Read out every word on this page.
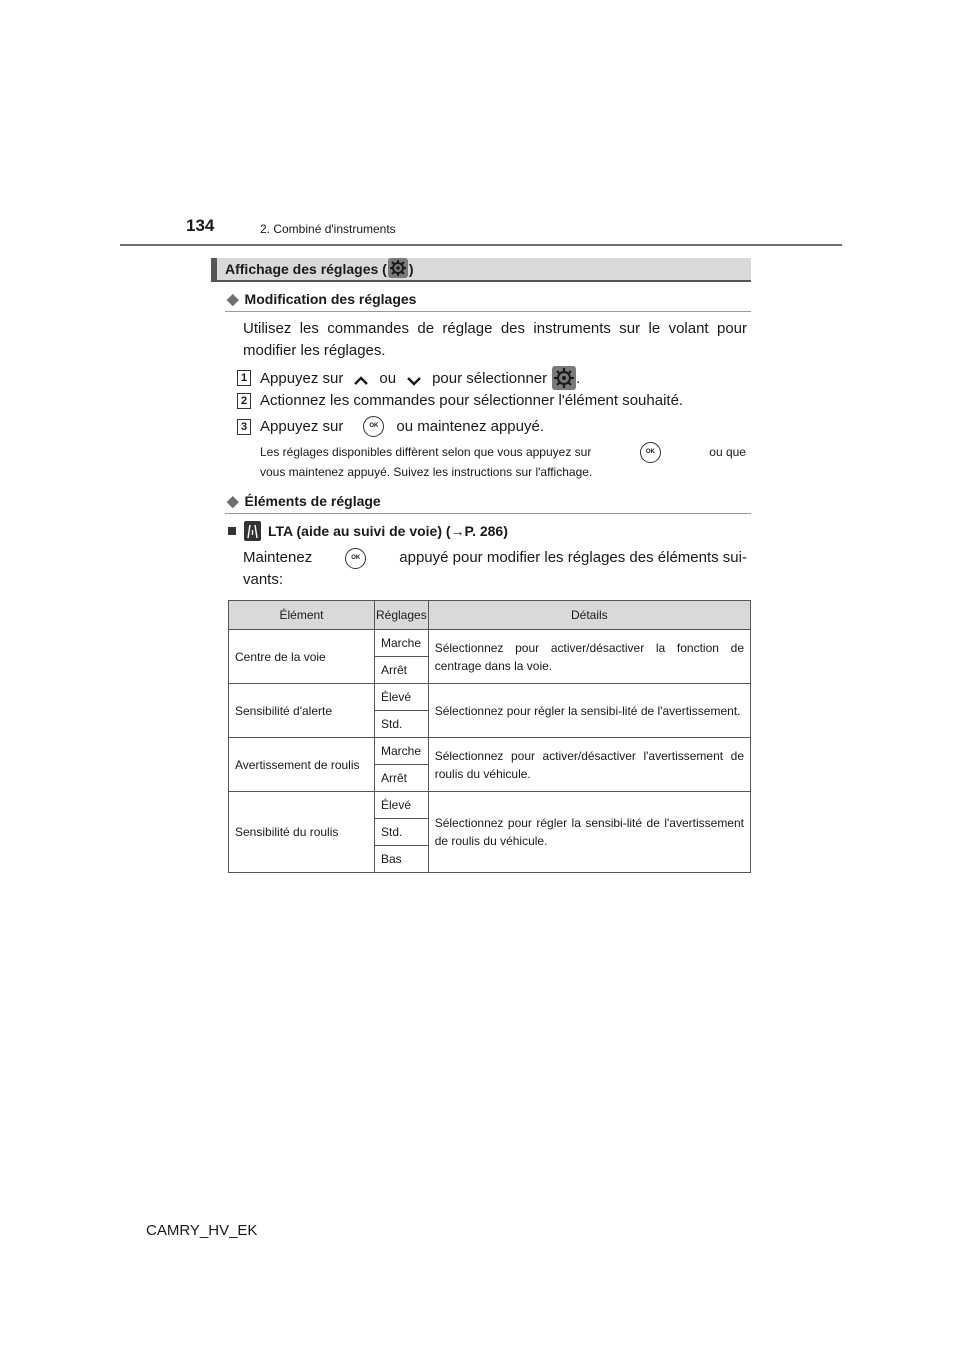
134	2. Combiné d'instruments
Affichage des réglages ( )
◆ Modification des réglages
Utilisez les commandes de réglage des instruments sur le volant pour modifier les réglages.
1 Appuyez sur ou pour sélectionner .
2 Actionnez les commandes pour sélectionner l'élément souhaité.
3 Appuyez sur	OK	ou maintenez appuyé.
Les réglages disponibles diffèrent selon que vous appuyez sur	OK	ou que
vous maintenez appuyé. Suivez les instructions sur l'affichage.
◆ Éléments de réglage
LTA (aide au suivi de voie) ( → P. 286)
Maintenez	OK	appuyé pour modifier les réglages des éléments sui-
vants:
Élément	Réglages	Détails
Centre de la voie	Marche	Sélectionnez pour activer/désactiver la fonction de centrage dans la voie.
	Arrêt	
Sensibilité d'alerte	Élevé	Sélectionnez pour régler la sensibi-lité de l'avertissement.
	Std.	
Avertissement de roulis	Marche	Sélectionnez pour activer/désactiver l'avertissement de roulis du véhicule.
	Arrêt	
Sensibilité du roulis	Élevé	Sélectionnez pour régler la sensibi-lité de l'avertissement de roulis du véhicule.
	Std.	
	Bas	
CAMRY_HV_EK
